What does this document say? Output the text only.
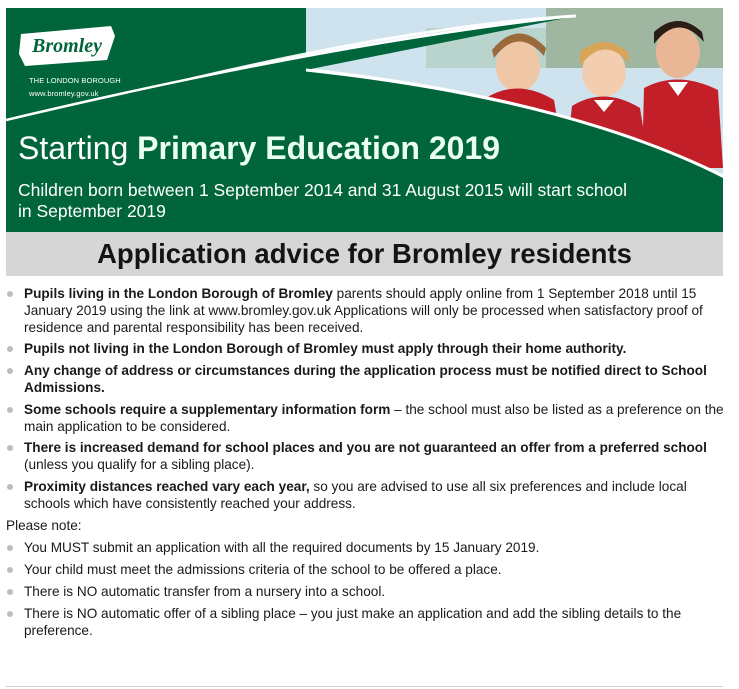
Bromley
THE LONDON BOROUGH
www.bromley.gov.uk
Starting Primary Education 2019
Children born between 1 September 2014 and 31 August 2015 will start school in September 2019
Application advice for Bromley residents
Pupils living in the London Borough of Bromley parents should apply online from 1 September 2018 until 15 January 2019 using the link at www.bromley.gov.uk Applications will only be processed when satisfactory proof of residence and parental responsibility has been received.
Pupils not living in the London Borough of Bromley must apply through their home authority.
Any change of address or circumstances during the application process must be notified direct to School Admissions.
Some schools require a supplementary information form – the school must also be listed as a preference on the main application to be considered.
There is increased demand for school places and you are not guaranteed an offer from a preferred school (unless you qualify for a sibling place).
Proximity distances reached vary each year, so you are advised to use all six preferences and include local schools which have consistently reached your address.
Please note:
You MUST submit an application with all the required documents by 15 January 2019.
Your child must meet the admissions criteria of the school to be offered a place.
There is NO automatic transfer from a nursery into a school.
There is NO automatic offer of a sibling place – you just make an application and add the sibling details to the preference.
